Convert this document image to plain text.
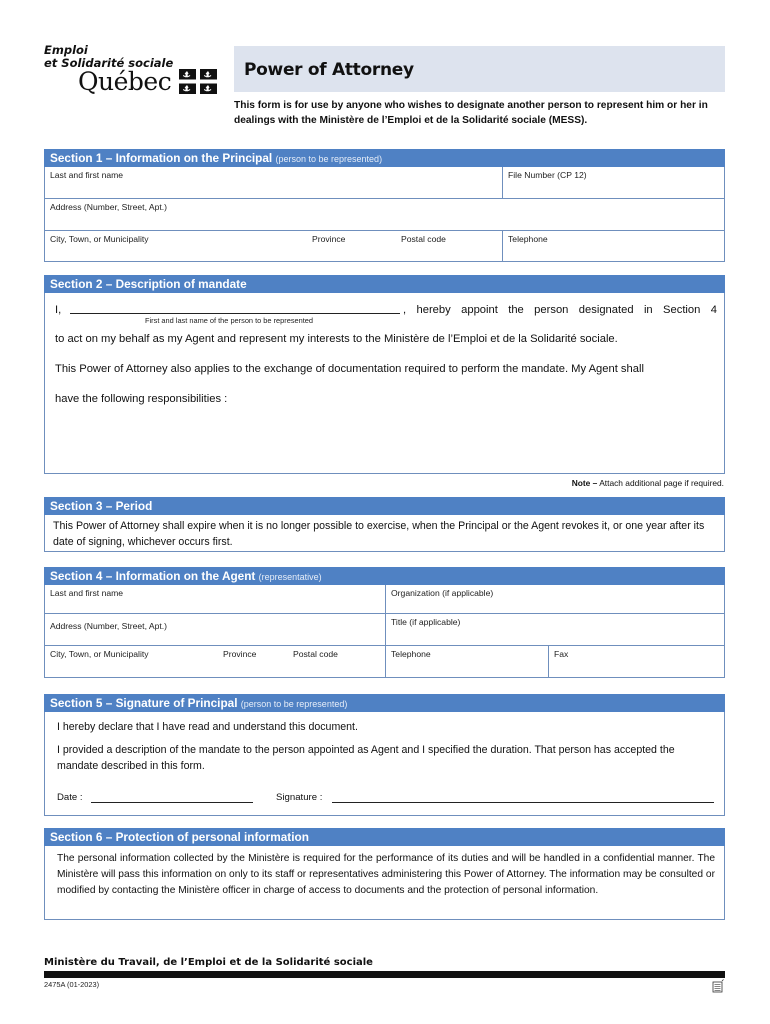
Emploi
et Solidarité sociale
Québec	Power of Attorney
This form is for use by anyone who wishes to designate another person to represent him or her in dealings with the Ministère de l’Emploi et de la Solidarité sociale (MESS).
Section 1 – Information on the Principal (person to be represented)
Last and first name	File Number (CP 12)
Address (Number, Street, Apt.)
City, Town, or Municipality	Province	Postal code	Telephone
Section 2 – Description of mandate
I,
First and last name of the person to be represented
, hereby appoint the person designated in Section 4
to act on my behalf as my Agent and represent my interests to the Ministère de l’Emploi et de la Solidarité sociale.
This Power of Attorney also applies to the exchange of documentation required to perform the mandate. My Agent shall
have the following responsibilities :
Note – Attach additional page if required.
Section 3 – Period
This Power of Attorney shall expire when it is no longer possible to exercise, when the Principal or the Agent revokes it, or one year after its date of signing, whichever occurs first.
Section 4 – Information on the Agent (representative)
Last and first name	Organization (if applicable)
Address (Number, Street, Apt.)	Title (if applicable)
City, Town, or Municipality	Province	Postal code	Telephone	Fax
Section 5 – Signature of Principal (person to be represented)
I hereby declare that I have read and understand this document.
I provided a description of the mandate to the person appointed as Agent and I specified the duration. That person has accepted the mandate described in this form.
Date :	Signature :
Section 6 – Protection of personal information
The personal information collected by the Ministère is required for the performance of its duties and will be handled in a confidential manner. The Ministère will pass this information on only to its staff or representatives administering this Power of Attorney. The information may be consulted or modified by contacting the Ministère officer in charge of access to documents and the protection of personal information.
Ministère du Travail, de l’Emploi et de la Solidarité sociale
2475A (01-2023)
